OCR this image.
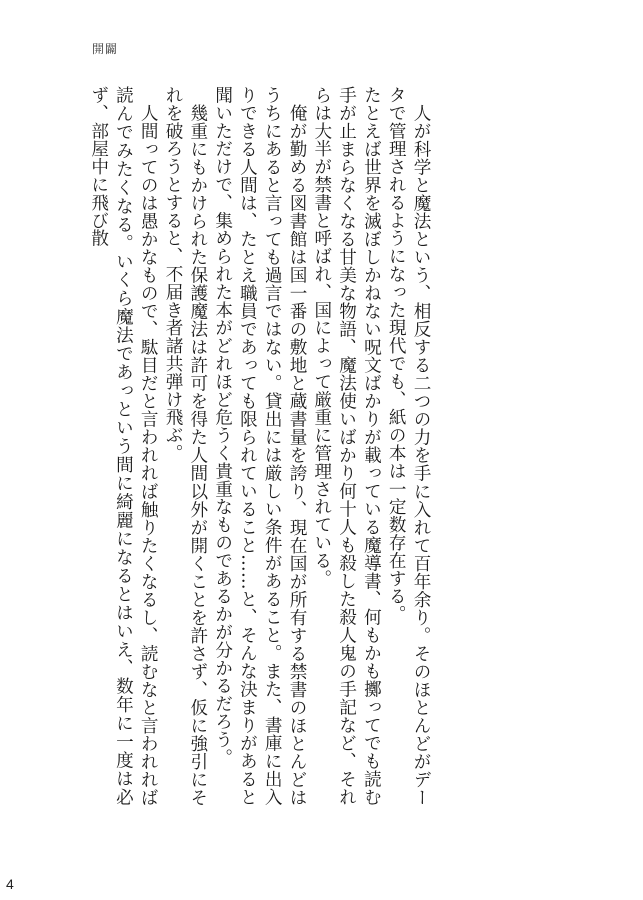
開闢

人が科学と魔法という、相反する二つの力を手に入れて百年余り。そのほとんどがデータで管理されるようになった現代でも、紙の本は一定数存在する。

たとえば世界を滅ぼしかねない呪文ばかりが載っている魔導書、何もかも擲ってでも読む手が止まらなくなる甘美な物語、魔法使いばかり何十人も殺した殺人鬼の手記など、それらは大半が禁書と呼ばれ、国によって厳重に管理されている。

俺が勤める図書館は国一番の敷地と蔵書量を誇り、現在国が所有する禁書のほとんどはうちにあると言っても過言ではない。貸出には厳しい条件があること。また、書庫に出入りできる人間は、たとえ職員であっても限られていること……と、そんな決まりがあると聞いただけで、集められた本がどれほど危うく貴重なものであるかが分かるだろう。

幾重にもかけられた保護魔法は許可を得た人間以外が開くことを許さず、仮に強引にそれを破ろうとすると、不届き者諸共弾け飛ぶ。

人間ってのは愚かなもので、駄目だと言われれば触りたくなるし、読むなと言われれば読んでみたくなる。いくら魔法であっという間に綺麗になるとはいえ、数年に一度は必ず、部屋中に飛び散

4
